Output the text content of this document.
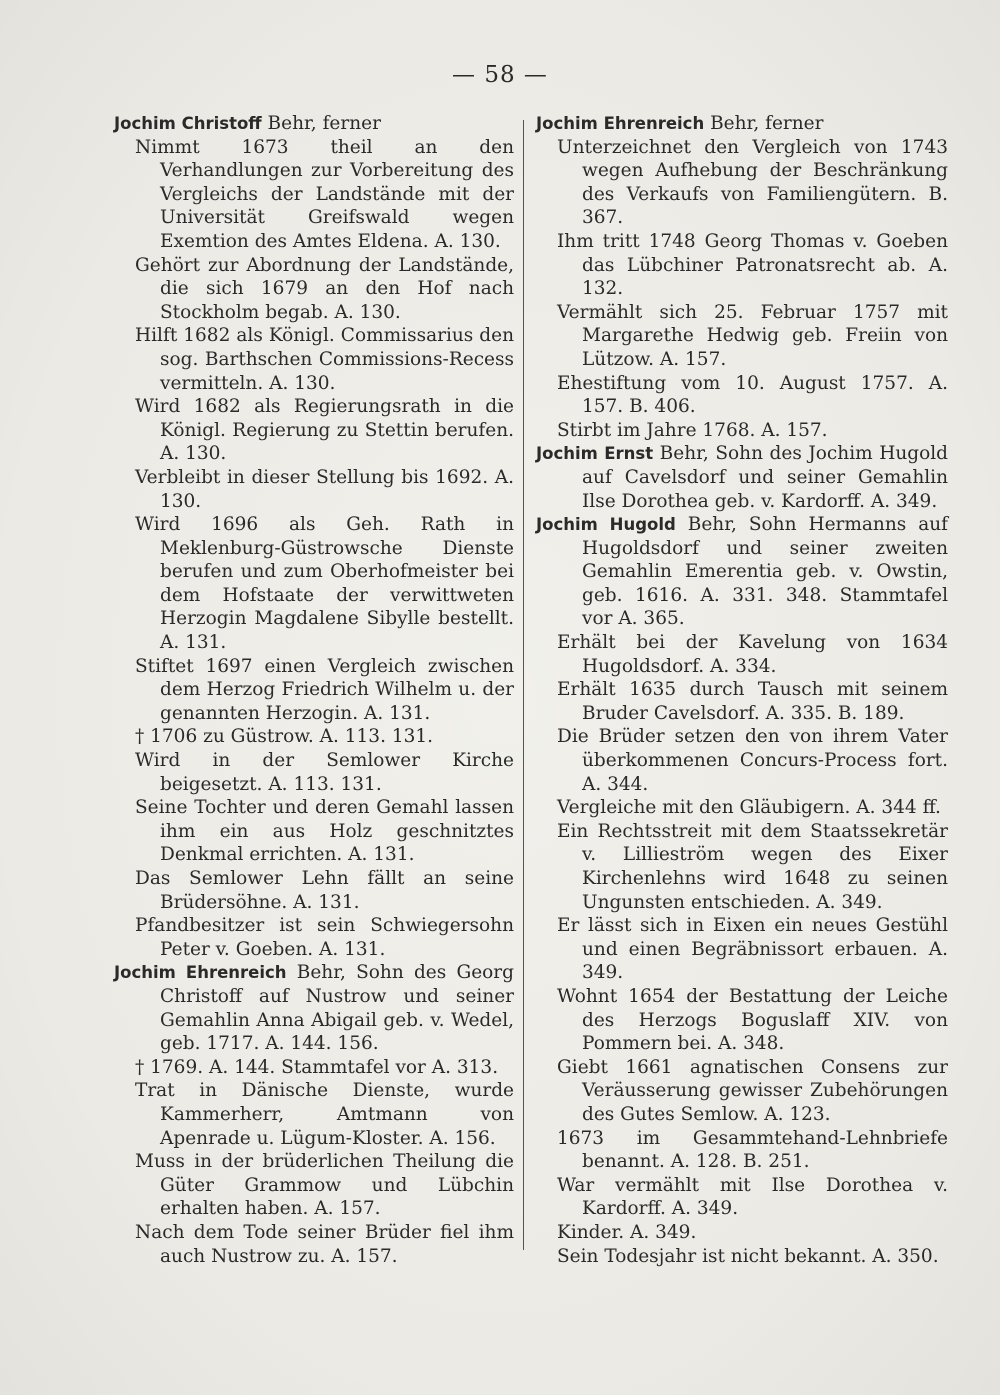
— 58 —

Jochim Christoff Behr, ferner

Nimmt 1673 theil an den Verhandlungen zur Vorbereitung des Vergleichs der Landstände mit der Universität Greifswald wegen Exemtion des Amtes Eldena. A. 130.

Gehört zur Abordnung der Landstände, die sich 1679 an den Hof nach Stockholm begab. A. 130.

Hilft 1682 als Königl. Commissarius den sog. Barthschen Commissions-Recess vermitteln. A. 130.

Wird 1682 als Regierungsrath in die Königl. Regierung zu Stettin berufen. A. 130.

Verbleibt in dieser Stellung bis 1692. A. 130.

Wird 1696 als Geh. Rath in Meklenburg-Güstrowsche Dienste berufen und zum Oberhofmeister bei dem Hofstaate der verwittweten Herzogin Magdalene Sibylle bestellt. A. 131.

Stiftet 1697 einen Vergleich zwischen dem Herzog Friedrich Wilhelm u. der genannten Herzogin. A. 131.

† 1706 zu Güstrow. A. 113. 131.

Wird in der Semlower Kirche beigesetzt. A. 113. 131.

Seine Tochter und deren Gemahl lassen ihm ein aus Holz geschnitztes Denkmal errichten. A. 131.

Das Semlower Lehn fällt an seine Brüdersöhne. A. 131.

Pfandbesitzer ist sein Schwiegersohn Peter v. Goeben. A. 131.

Jochim Ehrenreich Behr, Sohn des Georg Christoff auf Nustrow und seiner Gemahlin Anna Abigail geb. v. Wedel, geb. 1717. A. 144. 156.

† 1769. A. 144. Stammtafel vor A. 313.

Trat in Dänische Dienste, wurde Kammerherr, Amtmann von Apenrade u. Lügum-Kloster. A. 156.

Muss in der brüderlichen Theilung die Güter Grammow und Lübchin erhalten haben. A. 157.

Nach dem Tode seiner Brüder fiel ihm auch Nustrow zu. A. 157.

Jochim Ehrenreich Behr, ferner

Unterzeichnet den Vergleich von 1743 wegen Aufhebung der Beschränkung des Verkaufs von Familiengütern. B. 367.

Ihm tritt 1748 Georg Thomas v. Goeben das Lübchiner Patronatsrecht ab. A. 132.

Vermählt sich 25. Februar 1757 mit Margarethe Hedwig geb. Freiin von Lützow. A. 157.

Ehestiftung vom 10. August 1757. A. 157. B. 406.

Stirbt im Jahre 1768. A. 157.

Jochim Ernst Behr, Sohn des Jochim Hugold auf Cavelsdorf und seiner Gemahlin Ilse Dorothea geb. v. Kardorff. A. 349.

Jochim Hugold Behr, Sohn Hermanns auf Hugoldsdorf und seiner zweiten Gemahlin Emerentia geb. v. Owstin, geb. 1616. A. 331. 348. Stammtafel vor A. 365.

Erhält bei der Kavelung von 1634 Hugoldsdorf. A. 334.

Erhält 1635 durch Tausch mit seinem Bruder Cavelsdorf. A. 335. B. 189.

Die Brüder setzen den von ihrem Vater überkommenen Concurs-Process fort. A. 344.

Vergleiche mit den Gläubigern. A. 344 ff.

Ein Rechtsstreit mit dem Staatssekretär v. Lillieström wegen des Eixer Kirchenlehns wird 1648 zu seinen Ungunsten entschieden. A. 349.

Er lässt sich in Eixen ein neues Gestühl und einen Begräbnissort erbauen. A. 349.

Wohnt 1654 der Bestattung der Leiche des Herzogs Boguslaff XIV. von Pommern bei. A. 348.

Giebt 1661 agnatischen Consens zur Veräusserung gewisser Zubehörungen des Gutes Semlow. A. 123.

1673 im Gesammtehand-Lehnbriefe benannt. A. 128. B. 251.

War vermählt mit Ilse Dorothea v. Kardorff. A. 349.

Kinder. A. 349.

Sein Todesjahr ist nicht bekannt. A. 350.
